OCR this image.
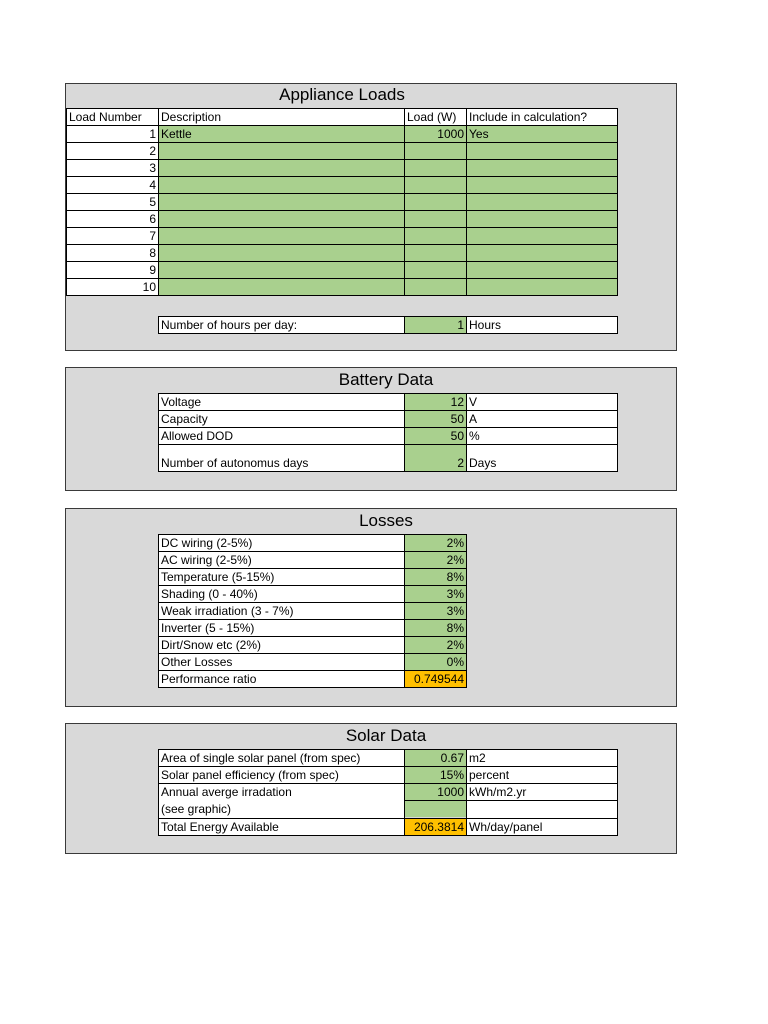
Appliance Loads
Load Number	Description	Load (W)	Include in calculation?
1	Kettle	1000	Yes
2			
3			
4			
5			
6			
7			
8			
9			
10			
Number of hours per day:	1	Hours
Battery Data
Voltage	12	V
Capacity	50	A
Allowed DOD	50	%
Number of autonomus days	2	Days
Losses
DC wiring (2-5%)	2%
AC wiring (2-5%)	2%
Temperature (5-15%)	8%
Shading (0 - 40%)	3%
Weak irradiation (3 - 7%)	3%
Inverter (5 - 15%)	8%
Dirt/Snow etc (2%)	2%
Other Losses	0%
Performance ratio	0.749544
Solar Data
Area of single solar panel (from spec)	0.67	m2
Solar panel efficiency (from spec)	15%	percent

Annual averge irradation
(see graphic)	1000	kWh/m2.yr

Total Energy Available	206.3814	Wh/day/panel
